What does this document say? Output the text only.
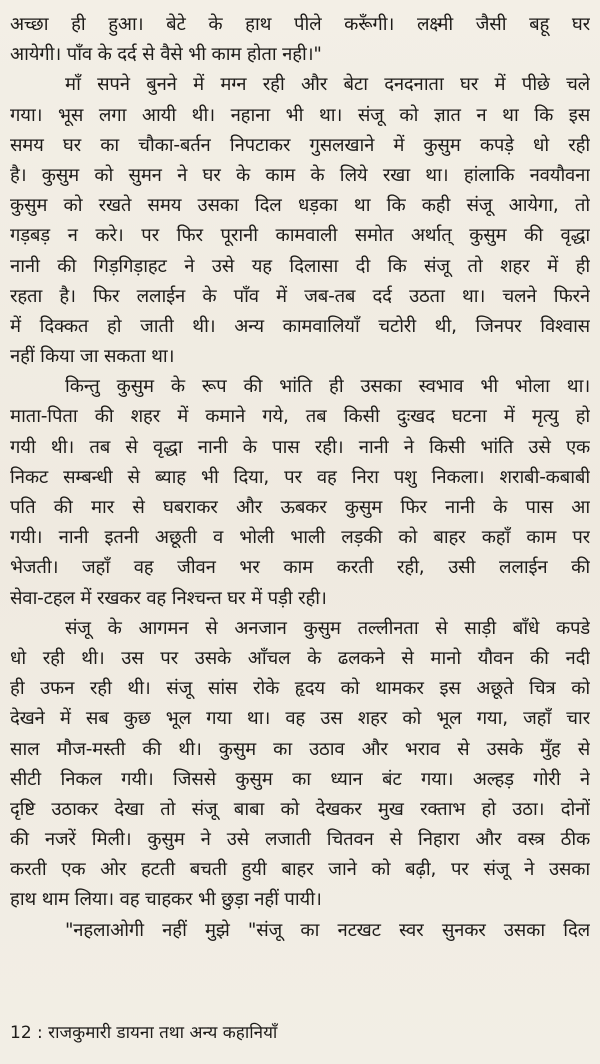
अच्छा ही हुआ। बेटे के हाथ पीले करूँगी। लक्ष्मी जैसी बहू घर
आयेगी। पाँव के दर्द से वैसे भी काम होता नही।"
माँ सपने बुनने में मग्न रही और बेटा दनदनाता घर में पीछे चले
गया। भूस लगा आयी थी। नहाना भी था। संजू को ज्ञात न था कि इस
समय घर का चौका-बर्तन निपटाकर गुसलखाने में कुसुम कपड़े धो रही
है। कुसुम को सुमन ने घर के काम के लिये रखा था। हांलाकि नवयौवना
कुसुम को रखते समय उसका दिल धड़का था कि कही संजू आयेगा, तो
गड़बड़ न करे। पर फिर पूरानी कामवाली समोत अर्थात् कुसुम की वृद्धा
नानी की गिड़गिड़ाहट ने उसे यह दिलासा दी कि संजू तो शहर में ही
रहता है। फिर ललाईन के पाँव में जब-तब दर्द उठता था। चलने फिरने
में दिक्कत हो जाती थी। अन्य कामवालियाँ चटोरी थी, जिनपर विश्वास
नहीं किया जा सकता था।
किन्तु कुसुम के रूप की भांति ही उसका स्वभाव भी भोला था।
माता-पिता की शहर में कमाने गये, तब किसी दुःखद घटना में मृत्यु हो
गयी थी। तब से वृद्धा नानी के पास रही। नानी ने किसी भांति उसे एक
निकट सम्बन्धी से ब्याह भी दिया, पर वह निरा पशु निकला। शराबी-कबाबी
पति की मार से घबराकर और ऊबकर कुसुम फिर नानी के पास आ
गयी। नानी इतनी अछूती व भोली भाली लड़की को बाहर कहाँ काम पर
भेजती। जहाँ वह जीवन भर काम करती रही, उसी ललाईन की
सेवा-टहल में रखकर वह निश्चन्त घर में पड़ी रही।
संजू के आगमन से अनजान कुसुम तल्लीनता से साड़ी बाँधे कपडे
धो रही थी। उस पर उसके आँचल के ढलकने से मानो यौवन की नदी
ही उफन रही थी। संजू सांस रोके हृदय को थामकर इस अछूते चित्र को
देखने में सब कुछ भूल गया था। वह उस शहर को भूल गया, जहाँ चार
साल मौज-मस्ती की थी। कुसुम का उठाव और भराव से उसके मुँह से
सीटी निकल गयी। जिससे कुसुम का ध्यान बंट गया। अल्हड़ गोरी ने
दृष्टि उठाकर देखा तो संजू बाबा को देखकर मुख रक्ताभ हो उठा। दोनों
की नजरें मिली। कुसुम ने उसे लजाती चितवन से निहारा और वस्त्र ठीक
करती एक ओर हटती बचती हुयी बाहर जाने को बढ़ी, पर संजू ने उसका
हाथ थाम लिया। वह चाहकर भी छुड़ा नहीं पायी।
"नहलाओगी नहीं मुझे "संजू का नटखट स्वर सुनकर उसका दिल
12 : राजकुमारी डायना तथा अन्य कहानियाँ
